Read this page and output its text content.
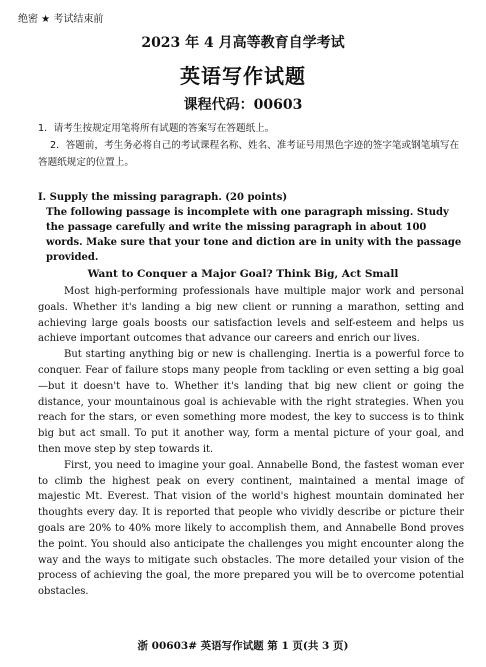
绝密 ★ 考试结束前
2023 年 4 月高等教育自学考试
英语写作试题
课程代码：00603

1．请考生按规定用笔将所有试题的答案写在答题纸上。

2．答题前，考生务必将自己的考试课程名称、姓名、准考证号用黑色字迹的签字笔或钢笔填写在答题纸规定的位置上。

I. Supply the missing paragraph. (20 points)

The following passage is incomplete with one paragraph missing. Study the passage carefully and write the missing paragraph in about 100 words. Make sure that your tone and diction are in unity with the passage provided.

Want to Conquer a Major Goal? Think Big, Act Small

Most high-performing professionals have multiple major work and personal goals. Whether it's landing a big new client or running a marathon, setting and achieving large goals boosts our satisfaction levels and self-esteem and helps us achieve important outcomes that advance our careers and enrich our lives.

But starting anything big or new is challenging. Inertia is a powerful force to conquer. Fear of failure stops many people from tackling or even setting a big goal—but it doesn't have to. Whether it's landing that big new client or going the distance, your mountainous goal is achievable with the right strategies. When you reach for the stars, or even something more modest, the key to success is to think big but act small. To put it another way, form a mental picture of your goal, and then move step by step towards it.

First, you need to imagine your goal. Annabelle Bond, the fastest woman ever to climb the highest peak on every continent, maintained a mental image of majestic Mt. Everest. That vision of the world's highest mountain dominated her thoughts every day. It is reported that people who vividly describe or picture their goals are 20% to 40% more likely to accomplish them, and Annabelle Bond proves the point. You should also anticipate the challenges you might encounter along the way and the ways to mitigate such obstacles. The more detailed your vision of the process of achieving the goal, the more prepared you will be to overcome potential obstacles.

浙 00603# 英语写作试题 第 1 页(共 3 页)
